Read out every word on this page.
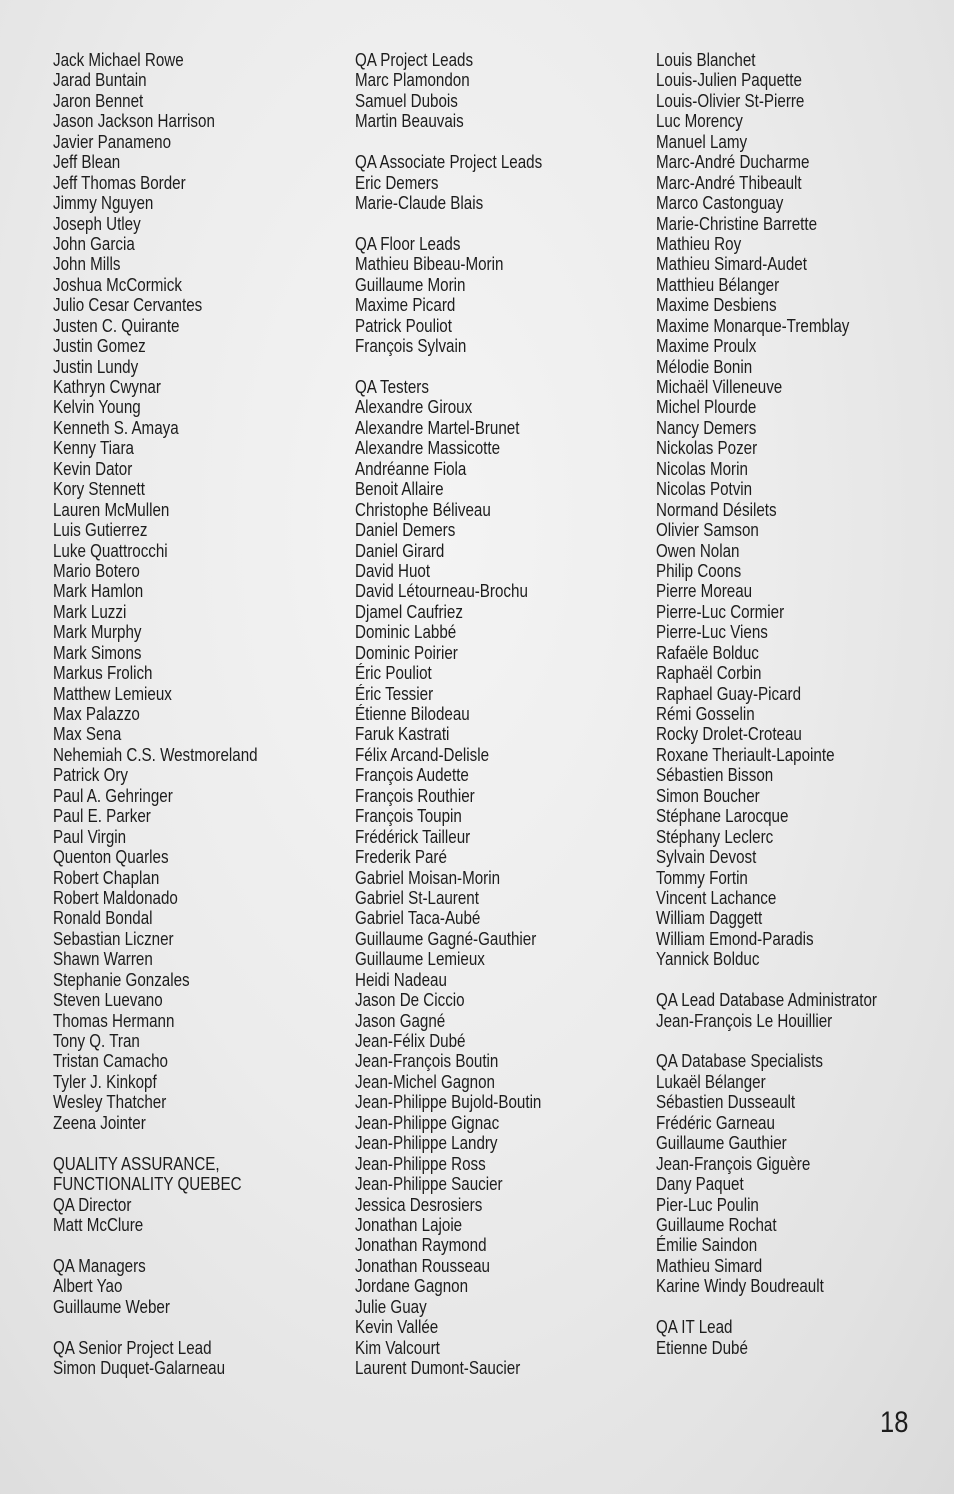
Jack Michael Rowe
Jarad Buntain
Jaron Bennet
Jason Jackson Harrison
Javier Panameno
Jeff Blean
Jeff Thomas Border
Jimmy Nguyen
Joseph Utley
John Garcia
John Mills
Joshua McCormick
Julio Cesar Cervantes
Justen C. Quirante
Justin Gomez
Justin Lundy
Kathryn Cwynar
Kelvin Young
Kenneth S. Amaya
Kenny Tiara
Kevin Dator
Kory Stennett
Lauren McMullen
Luis Gutierrez
Luke Quattrocchi
Mario Botero
Mark Hamlon
Mark Luzzi
Mark Murphy
Mark Simons
Markus Frolich
Matthew Lemieux
Max Palazzo
Max Sena
Nehemiah C.S. Westmoreland
Patrick Ory
Paul A. Gehringer
Paul E. Parker
Paul Virgin
Quenton Quarles
Robert Chaplan
Robert Maldonado
Ronald Bondal
Sebastian Liczner
Shawn Warren
Stephanie Gonzales
Steven Luevano
Thomas Hermann
Tony Q. Tran
Tristan Camacho
Tyler J. Kinkopf
Wesley Thatcher
Zeena Jointer
QUALITY ASSURANCE,
FUNCTIONALITY QUEBEC
QA Director
Matt McClure
QA Managers
Albert Yao
Guillaume Weber
QA Senior Project Lead
Simon Duquet-Galarneau
QA Project Leads
Marc Plamondon
Samuel Dubois
Martin Beauvais
QA Associate Project Leads
Eric Demers
Marie-Claude Blais
QA Floor Leads
Mathieu Bibeau-Morin
Guillaume Morin
Maxime Picard
Patrick Pouliot
François Sylvain
QA Testers
Alexandre Giroux
Alexandre Martel-Brunet
Alexandre Massicotte
Andréanne Fiola
Benoit Allaire
Christophe Béliveau
Daniel Demers
Daniel Girard
David Huot
David Létourneau-Brochu
Djamel Caufriez
Dominic Labbé
Dominic Poirier
Éric Pouliot
Éric Tessier
Étienne Bilodeau
Faruk Kastrati
Félix Arcand-Delisle
François Audette
François Routhier
François Toupin
Frédérick Tailleur
Frederik Paré
Gabriel Moisan-Morin
Gabriel St-Laurent
Gabriel Taca-Aubé
Guillaume Gagné-Gauthier
Guillaume Lemieux
Heidi Nadeau
Jason De Ciccio
Jason Gagné
Jean-Félix Dubé
Jean-François Boutin
Jean-Michel Gagnon
Jean-Philippe Bujold-Boutin
Jean-Philippe Gignac
Jean-Philippe Landry
Jean-Philippe Ross
Jean-Philippe Saucier
Jessica Desrosiers
Jonathan Lajoie
Jonathan Raymond
Jonathan Rousseau
Jordane Gagnon
Julie Guay
Kevin Vallée
Kim Valcourt
Laurent Dumont-Saucier
Louis Blanchet
Louis-Julien Paquette
Louis-Olivier St-Pierre
Luc Morency
Manuel Lamy
Marc-André Ducharme
Marc-André Thibeault
Marco Castonguay
Marie-Christine Barrette
Mathieu Roy
Mathieu Simard-Audet
Matthieu Bélanger
Maxime Desbiens
Maxime Monarque-Tremblay
Maxime Proulx
Mélodie Bonin
Michaël Villeneuve
Michel Plourde
Nancy Demers
Nickolas Pozer
Nicolas Morin
Nicolas Potvin
Normand Désilets
Olivier Samson
Owen Nolan
Philip Coons
Pierre Moreau
Pierre-Luc Cormier
Pierre-Luc Viens
Rafaële Bolduc
Raphaël Corbin
Raphael Guay-Picard
Rémi Gosselin
Rocky Drolet-Croteau
Roxane Theriault-Lapointe
Sébastien Bisson
Simon Boucher
Stéphane Larocque
Stéphany Leclerc
Sylvain Devost
Tommy Fortin
Vincent Lachance
William Daggett
William Emond-Paradis
Yannick Bolduc
QA Lead Database Administrator
Jean-François Le Houillier
QA Database Specialists
Lukaël Bélanger
Sébastien Dusseault
Frédéric Garneau
Guillaume Gauthier
Jean-François Giguère
Dany Paquet
Pier-Luc Poulin
Guillaume Rochat
Émilie Saindon
Mathieu Simard
Karine Windy Boudreault
QA IT Lead
Etienne Dubé
18
